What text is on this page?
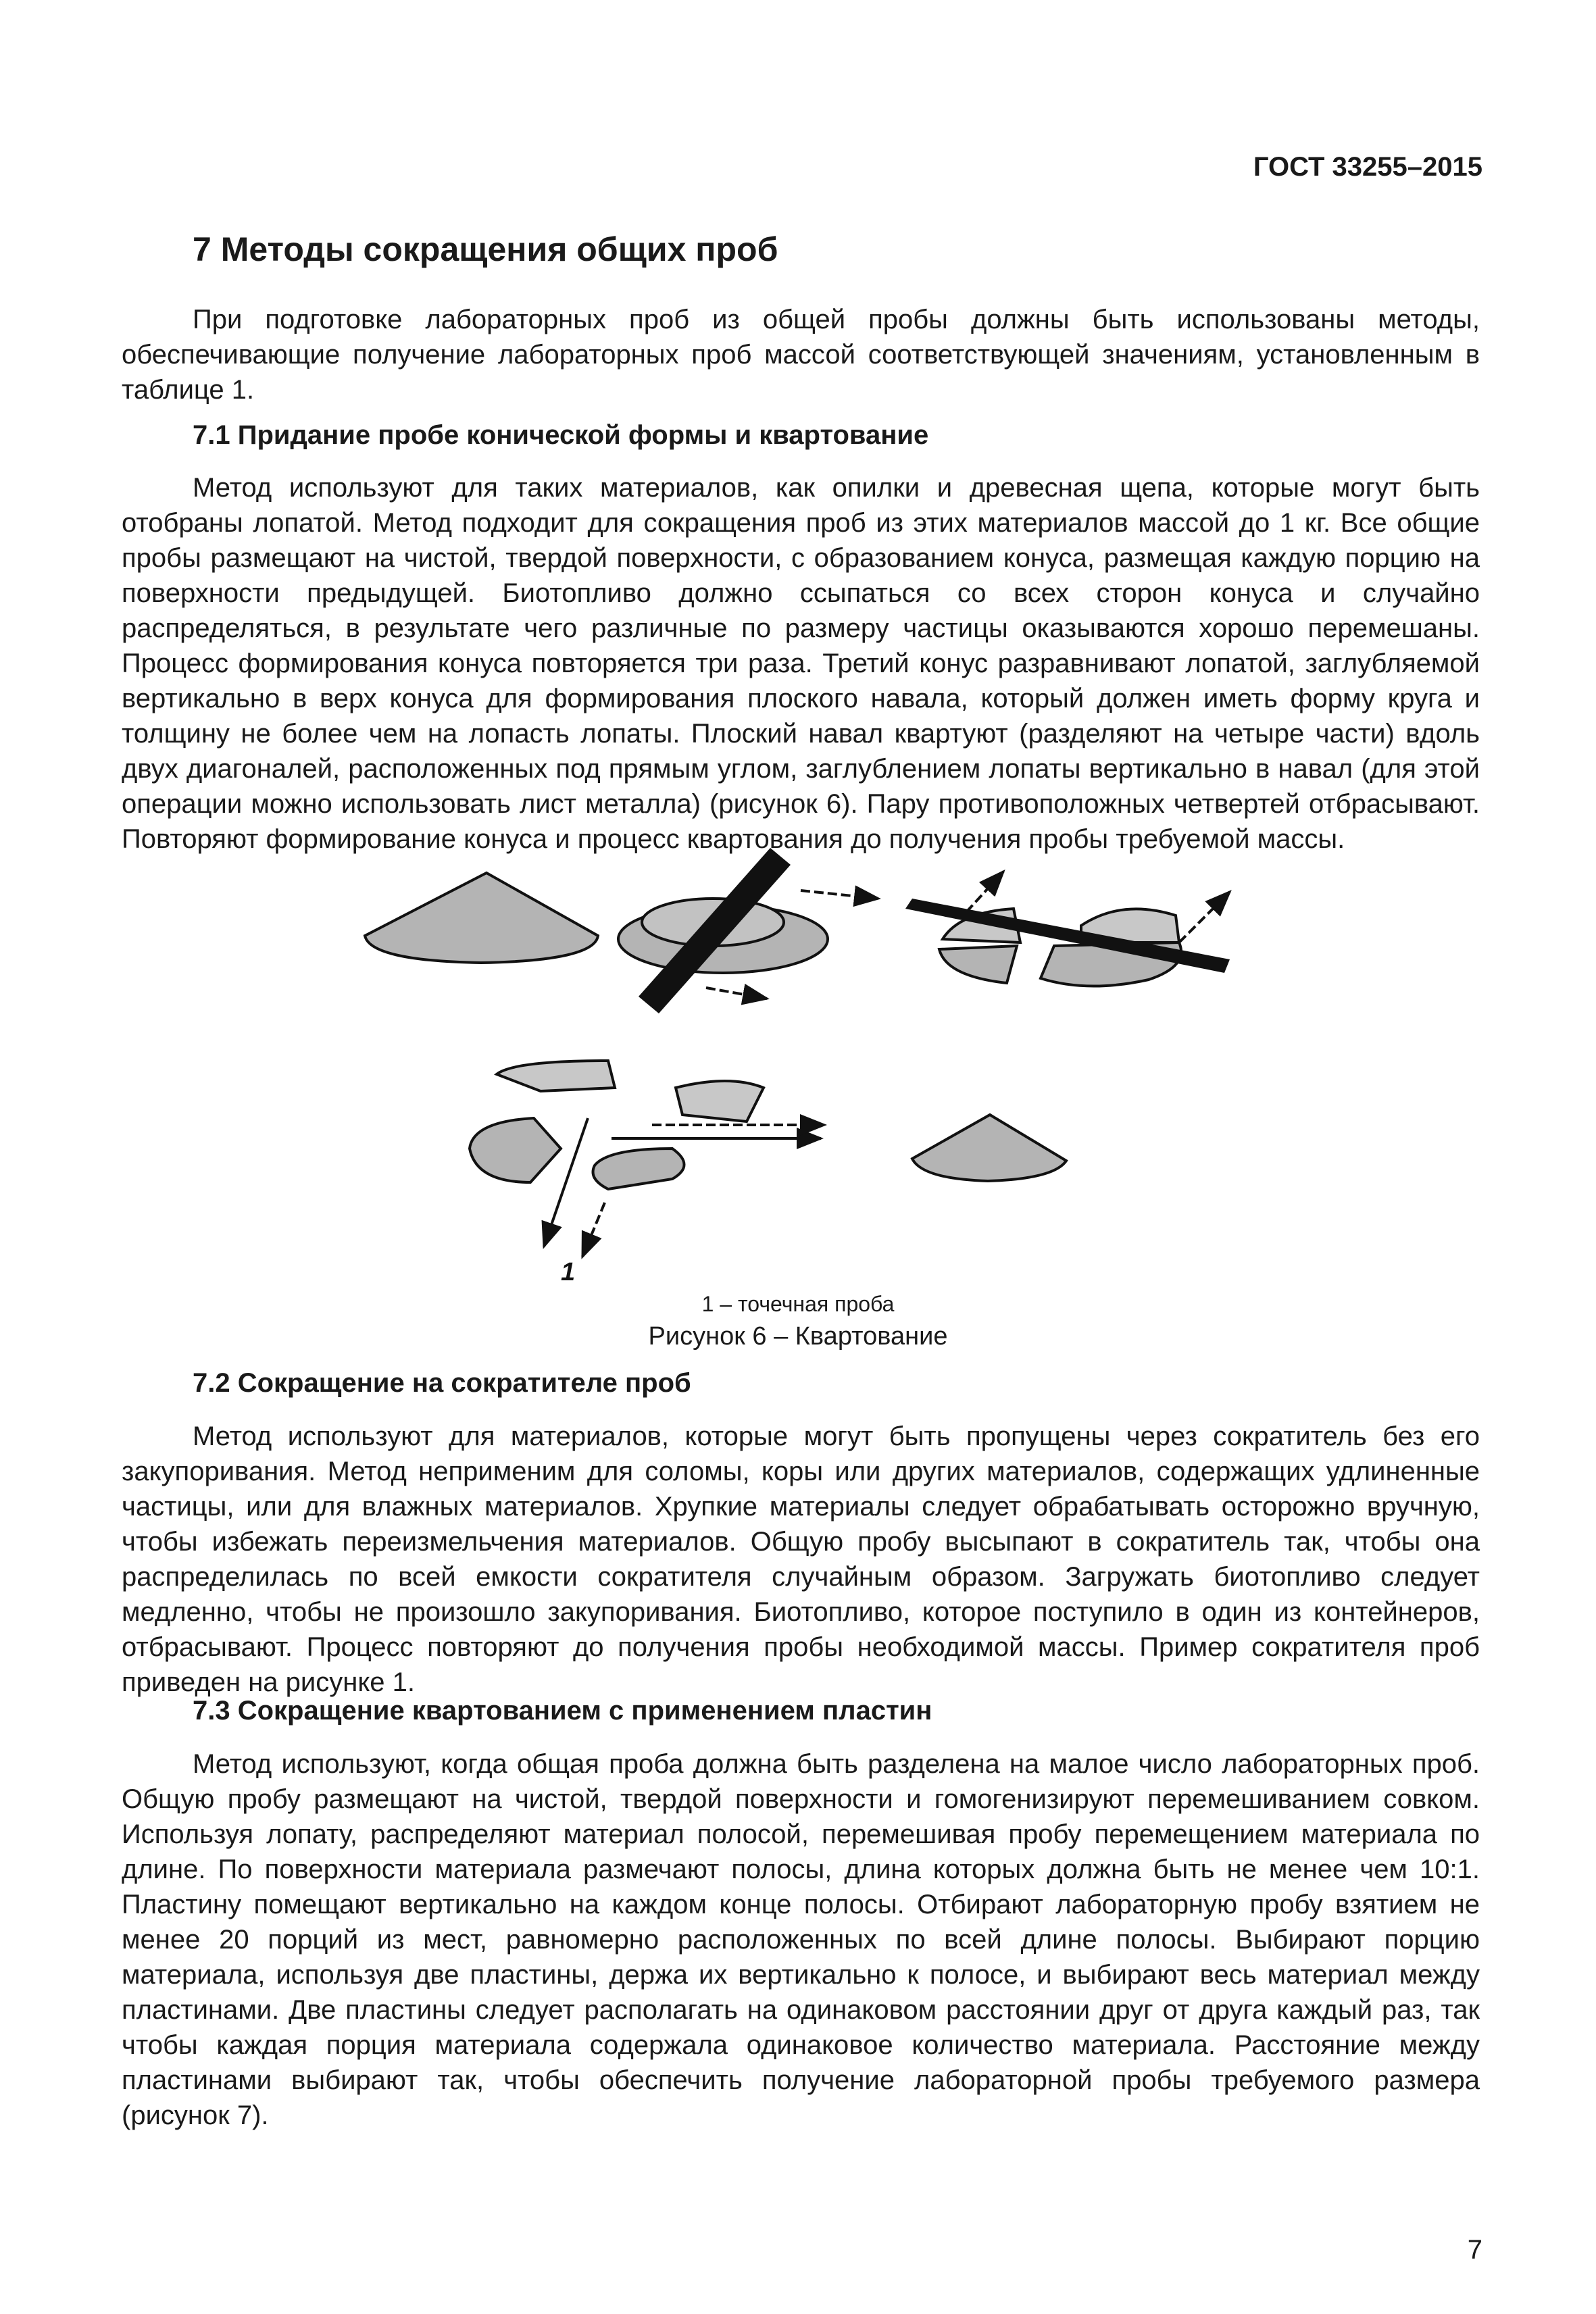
ГОСТ 33255–2015
7 Методы сокращения общих проб

При подготовке лабораторных проб из общей пробы должны быть использованы методы, обеспечивающие получение лабораторных проб массой соответствующей значениям, установленным в таблице 1.

7.1 Придание пробе конической формы и квартование

Метод используют для таких материалов, как опилки и древесная щепа, которые могут быть отобраны лопатой. Метод подходит для сокращения проб из этих материалов массой до 1 кг. Все общие пробы размещают на чистой, твердой поверхности, с образованием конуса, размещая каждую порцию на поверхности предыдущей. Биотопливо должно ссыпаться со всех сторон конуса и случайно распределяться, в результате чего различные по размеру частицы оказываются хорошо перемешаны. Процесс формирования конуса повторяется три раза. Третий конус разравнивают лопатой, заглубляемой вертикально в верх конуса для формирования плоского навала, который должен иметь форму круга и толщину не более чем на лопасть лопаты. Плоский навал квартуют (разделяют на четыре части) вдоль двух диагоналей, расположенных под прямым углом, заглублением лопаты вертикально в навал (для этой операции можно использовать лист металла) (рисунок 6). Пару противоположных четвертей отбрасывают. Повторяют формирование конуса и процесс квартования до получения пробы требуемой массы.

1
1 – точечная проба
Рисунок 6 – Квартование
7.2 Сокращение на сократителе проб

Метод используют для материалов, которые могут быть пропущены через сократитель без его закупоривания. Метод неприменим для соломы, коры или других материалов, содержащих удлиненные частицы, или для влажных материалов. Хрупкие материалы следует обрабатывать осторожно вручную, чтобы избежать переизмельчения материалов. Общую пробу высыпают в сократитель так, чтобы она распределилась по всей емкости сократителя случайным образом. Загружать биотопливо следует медленно, чтобы не произошло закупоривания. Биотопливо, которое поступило в один из контейнеров, отбрасывают. Процесс повторяют до получения пробы необходимой массы. Пример сократителя проб приведен на рисунке 1.

7.3 Сокращение квартованием с применением пластин

Метод используют, когда общая проба должна быть разделена на малое число лабораторных проб. Общую пробу размещают на чистой, твердой поверхности и гомогенизируют перемешиванием совком. Используя лопату, распределяют материал полосой, перемешивая пробу перемещением материала по длине. По поверхности материала размечают полосы, длина которых должна быть не менее чем 10:1. Пластину помещают вертикально на каждом конце полосы. Отбирают лабораторную пробу взятием не менее 20 порций из мест, равномерно расположенных по всей длине полосы. Выбирают порцию материала, используя две пластины, держа их вертикально к полосе, и выбирают весь материал между пластинами. Две пластины следует располагать на одинаковом расстоянии друг от друга каждый раз, так чтобы каждая порция материала содержала одинаковое количество материала. Расстояние между пластинами выбирают так, чтобы обеспечить получение лабораторной пробы требуемого размера (рисунок 7).

7
